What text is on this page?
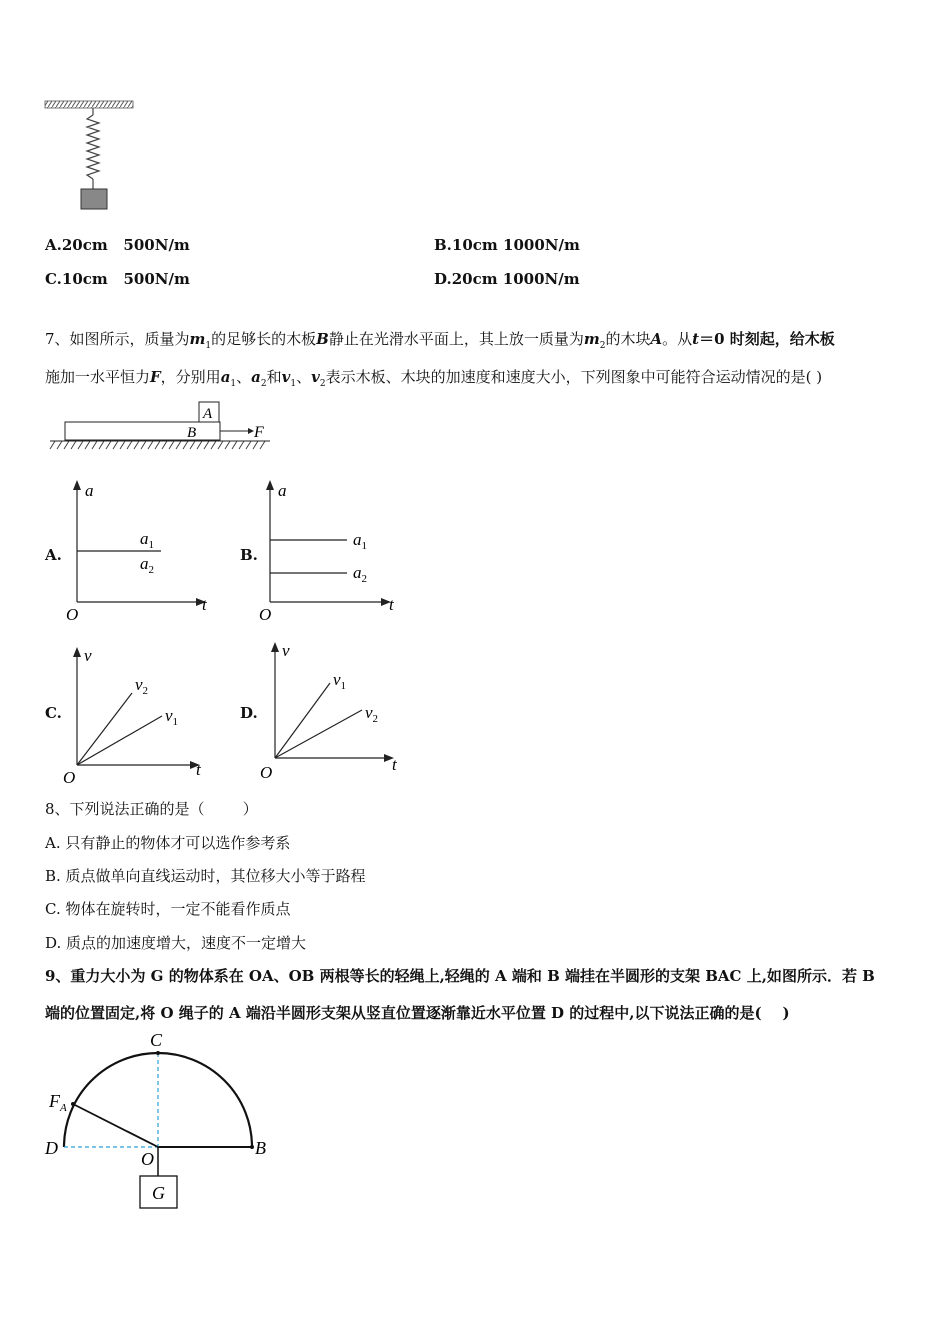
A.20cm   500N/m	B.10cm 1000N/m
C.10cm   500N/m	D.20cm 1000N/m
7、如图所示，质量为$m_1$的足够长的木板B静止在光滑水平面上，其上放一质量为$m_2$的木块A。从t＝0 时刻起，给木板
施加一水平恒力F，分别用$a_1$、$a_2$和$v_1$、$v_2$表示木板、木块的加速度和速度大小，下列图象中可能符合运动情况的是( )
A
B	F
A.
a
t
O
$a_1$
$a_2$
B.
a
t
O
$a_1$
$a_2$
C.
v
t
O
$v_2$
$v_1$	D.
v
t
O
$v_1$
$v_2$
8、下列说法正确的是（        ）
A. 只有静止的物体才可以选作参考系
B. 质点做单向直线运动时，其位移大小等于路程
C. 物体在旋转时，一定不能看作质点
D. 质点的加速度增大，速度不一定增大
9、重力大小为 G 的物体系在 OA、OB 两根等长的轻绳上,轻绳的 A 端和 B 端挂在半圆形的支架 BAC 上,如图所示．若 B
端的位置固定,将 O 绳子的 A 端沿半圆形支架从竖直位置逐渐靠近水平位置 D 的过程中,以下说法正确的是(    )
C
$F_A$
D
O
B
G
